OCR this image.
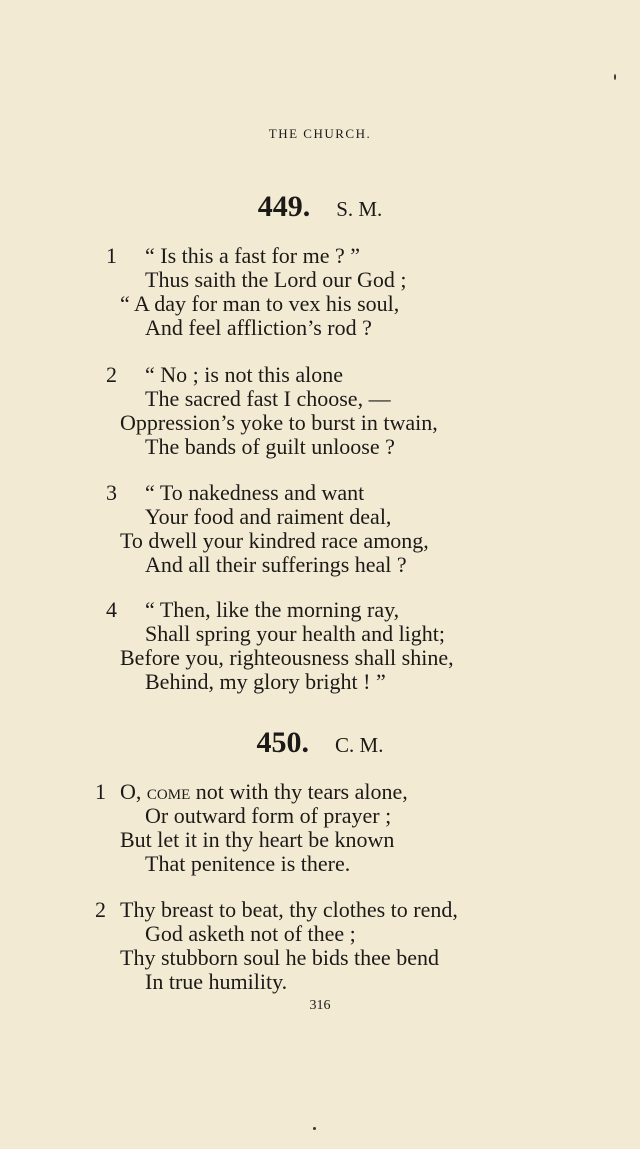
THE CHURCH.
449. S. M.
1 “ Is this a fast for me ? ”
Thus saith the Lord our God ;
“ A day for man to vex his soul,
And feel affliction’s rod ?
2 “ No ; is not this alone
The sacred fast I choose, —
Oppression’s yoke to burst in twain,
The bands of guilt unloose ?
3 “ To nakedness and want
Your food and raiment deal,
To dwell your kindred race among,
And all their sufferings heal ?
4 “ Then, like the morning ray,
Shall spring your health and light;
Before you, righteousness shall shine,
Behind, my glory bright ! ”
450. C. M.
1 O, come not with thy tears alone,
Or outward form of prayer ;
But let it in thy heart be known
That penitence is there.
2 Thy breast to beat, thy clothes to rend,
God asketh not of thee ;
Thy stubborn soul he bids thee bend
In true humility.
316
